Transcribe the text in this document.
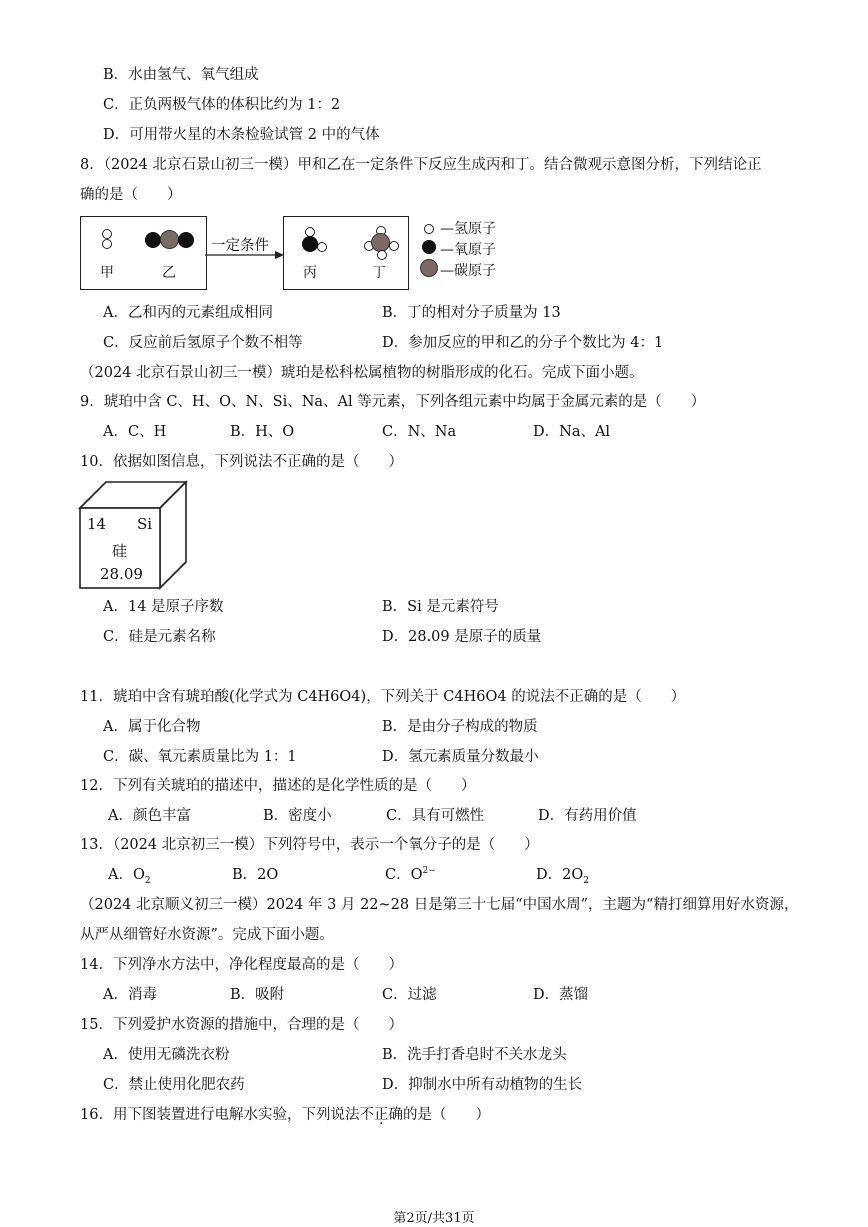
B．水由氢气、氧气组成
C．正负两极气体的体积比约为 1：2
D．可用带火星的木条检验试管 2 中的气体
8．（2024 北京石景山初三一模）甲和乙在一定条件下反应生成丙和丁。结合微观示意图分析，下列结论正
确的是（　　）
甲	乙
一定条件
丙	丁
—氢原子
—氧原子
—碳原子
A．乙和丙的元素组成相同	B．丁的相对分子质量为 13
C．反应前后氢原子个数不相等	D．参加反应的甲和乙的分子个数比为 4：1
（2024 北京石景山初三一模）琥珀是松科松属植物的树脂形成的化石。完成下面小题。
9．琥珀中含 C、H、O、N、Si、Na、Al 等元素，下列各组元素中均属于金属元素的是（　　）
A．C、H	B．H、O	C．N、Na	D．Na、Al
10．依据如图信息，下列说法不正确的是（　　）
14 Si
硅
28.09
A．14 是原子序数	B．Si 是元素符号
C．硅是元素名称	D．28.09 是原子的质量
11．琥珀中含有琥珀酸(化学式为 C4H6O4)，下列关于 C4H6O4 的说法不正确的是（　　）
A．属于化合物	B．是由分子构成的物质
C．碳、氧元素质量比为 1：1	D．氢元素质量分数最小
12．下列有关琥珀的描述中，描述的是化学性质的是（　　）
A．颜色丰富	B．密度小	C．具有可燃性	D．有药用价值
13．（2024 北京初三一模）下列符号中，表示一个氧分子的是（　　）
A．$O_2$	B．2O	C．$O^{2-}$	D．$2O_2$
（2024 北京顺义初三一模）2024 年 3 月 22~28 日是第三十七届“中国水周”，主题为“精打细算用好水资源，
从严从细管好水资源”。完成下面小题。
14．下列净水方法中，净化程度最高的是（　　）
A．消毒	B．吸附	C．过滤	D．蒸馏
15．下列爱护水资源的措施中，合理的是（　　）
A．使用无磷洗衣粉	B．洗手打香皂时不关水龙头
C．禁止使用化肥农药	D．抑制水中所有动植物的生长
16．用下图装置进行电解水实验，下列说法不正确的是（　　）
第2页/共31页
